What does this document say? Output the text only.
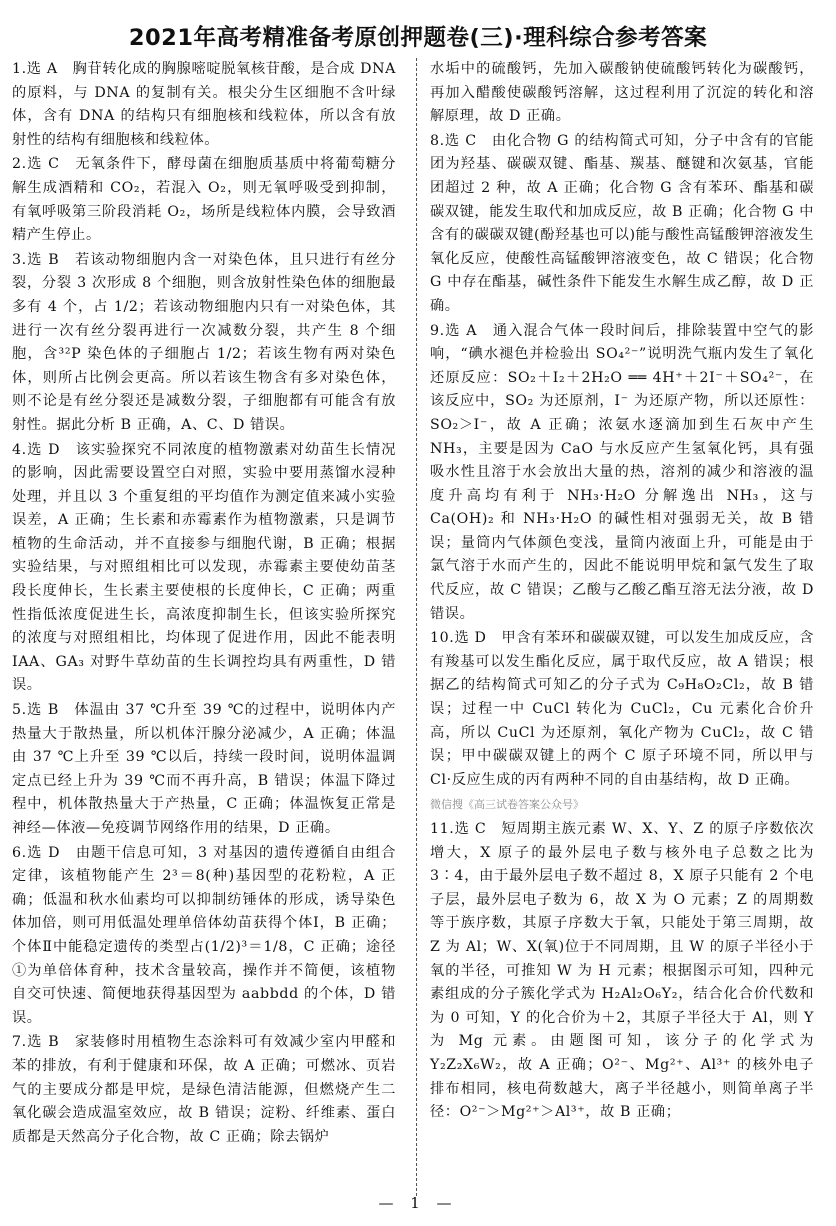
2021年高考精准备考原创押题卷(三)·理科综合参考答案

1.选 A　胸苷转化成的胸腺嘧啶脱氧核苷酸，是合成 DNA 的原料，与 DNA 的复制有关。根尖分生区细胞不含叶绿体，含有 DNA 的结构只有细胞核和线粒体，所以含有放射性的结构有细胞核和线粒体。

2.选 C　无氧条件下，酵母菌在细胞质基质中将葡萄糖分解生成酒精和 CO₂，若混入 O₂，则无氧呼吸受到抑制，有氧呼吸第三阶段消耗 O₂，场所是线粒体内膜，会导致酒精产生停止。

3.选 B　若该动物细胞内含一对染色体，且只进行有丝分裂，分裂 3 次形成 8 个细胞，则含放射性染色体的细胞最多有 4 个，占 1/2；若该动物细胞内只有一对染色体，其进行一次有丝分裂再进行一次减数分裂，共产生 8 个细胞，含³²P 染色体的子细胞占 1/2；若该生物有两对染色体，则所占比例会更高。所以若该生物含有多对染色体，则不论是有丝分裂还是减数分裂，子细胞都有可能含有放射性。据此分析 B 正确，A、C、D 错误。

4.选 D　该实验探究不同浓度的植物激素对幼苗生长情况的影响，因此需要设置空白对照，实验中要用蒸馏水浸种处理，并且以 3 个重复组的平均值作为测定值来减小实验误差，A 正确；生长素和赤霉素作为植物激素，只是调节植物的生命活动，并不直接参与细胞代谢，B 正确；根据实验结果，与对照组相比可以发现，赤霉素主要使幼苗茎段长度伸长，生长素主要使根的长度伸长，C 正确；两重性指低浓度促进生长，高浓度抑制生长，但该实验所探究的浓度与对照组相比，均体现了促进作用，因此不能表明 IAA、GA₃ 对野牛草幼苗的生长调控均具有两重性，D 错误。

5.选 B　体温由 37 ℃升至 39 ℃的过程中，说明体内产热量大于散热量，所以机体汗腺分泌减少，A 正确；体温由 37 ℃上升至 39 ℃以后，持续一段时间，说明体温调定点已经上升为 39 ℃而不再升高，B 错误；体温下降过程中，机体散热量大于产热量，C 正确；体温恢复正常是神经—体液—免疫调节网络作用的结果，D 正确。

6.选 D　由题干信息可知，3 对基因的遗传遵循自由组合定律，该植物能产生 2³＝8(种)基因型的花粉粒，A 正确；低温和秋水仙素均可以抑制纺锤体的形成，诱导染色体加倍，则可用低温处理单倍体幼苗获得个体Ⅰ，B 正确；个体Ⅱ中能稳定遗传的类型占(1/2)³＝1/8，C 正确；途径①为单倍体育种，技术含量较高，操作并不简便，该植物自交可快速、简便地获得基因型为 aabbdd 的个体，D 错误。

7.选 B　家装修时用植物生态涂料可有效减少室内甲醛和苯的排放，有利于健康和环保，故 A 正确；可燃冰、页岩气的主要成分都是甲烷，是绿色清洁能源，但燃烧产生二氧化碳会造成温室效应，故 B 错误；淀粉、纤维素、蛋白质都是天然高分子化合物，故 C 正确；除去锅炉

水垢中的硫酸钙，先加入碳酸钠使硫酸钙转化为碳酸钙，再加入醋酸使碳酸钙溶解，这过程利用了沉淀的转化和溶解原理，故 D 正确。

8.选 C　由化合物 G 的结构简式可知，分子中含有的官能团为羟基、碳碳双键、酯基、羰基、醚键和次氨基，官能团超过 2 种，故 A 正确；化合物 G 含有苯环、酯基和碳碳双键，能发生取代和加成反应，故 B 正确；化合物 G 中含有的碳碳双键(酚羟基也可以)能与酸性高锰酸钾溶液发生氧化反应，使酸性高锰酸钾溶液变色，故 C 错误；化合物 G 中存在酯基，碱性条件下能发生水解生成乙醇，故 D 正确。

9.选 A　通入混合气体一段时间后，排除装置中空气的影响，“碘水褪色并检验出 SO₄²⁻”说明洗气瓶内发生了氧化还原反应：SO₂＋I₂＋2H₂O ══ 4H⁺＋2I⁻＋SO₄²⁻，在该反应中，SO₂ 为还原剂，I⁻ 为还原产物，所以还原性：SO₂＞I⁻，故 A 正确；浓氨水逐滴加到生石灰中产生 NH₃，主要是因为 CaO 与水反应产生氢氧化钙，具有强吸水性且溶于水会放出大量的热，溶剂的减少和溶液的温度升高均有利于 NH₃·H₂O 分解逸出 NH₃，这与 Ca(OH)₂ 和 NH₃·H₂O 的碱性相对强弱无关，故 B 错误；量筒内气体颜色变浅，量筒内液面上升，可能是由于氯气溶于水而产生的，因此不能说明甲烷和氯气发生了取代反应，故 C 错误；乙酸与乙酸乙酯互溶无法分液，故 D 错误。

10.选 D　甲含有苯环和碳碳双键，可以发生加成反应，含有羧基可以发生酯化反应，属于取代反应，故 A 错误；根据乙的结构简式可知乙的分子式为 C₉H₈O₂Cl₂，故 B 错误；过程一中 CuCl 转化为 CuCl₂，Cu 元素化合价升高，所以 CuCl 为还原剂，氧化产物为 CuCl₂，故 C 错误；甲中碳碳双键上的两个 C 原子环境不同，所以甲与 Cl·反应生成的丙有两种不同的自由基结构，故 D 正确。

微信搜《高三试卷答案公众号》

11.选 C　短周期主族元素 W、X、Y、Z 的原子序数依次增大，X 原子的最外层电子数与核外电子总数之比为 3∶4，由于最外层电子数不超过 8，X 原子只能有 2 个电子层，最外层电子数为 6，故 X 为 O 元素；Z 的周期数等于族序数，其原子序数大于氧，只能处于第三周期，故 Z 为 Al；W、X(氧)位于不同周期，且 W 的原子半径小于氧的半径，可推知 W 为 H 元素；根据图示可知，四种元素组成的分子簇化学式为 H₂Al₂O₆Y₂，结合化合价代数和为 0 可知，Y 的化合价为＋2，其原子半径大于 Al，则 Y 为 Mg 元素。由题图可知，该分子的化学式为 Y₂Z₂X₆W₂，故 A 正确；O²⁻、Mg²⁺、Al³⁺ 的核外电子排布相同，核电荷数越大，离子半径越小，则简单离子半径：O²⁻＞Mg²⁺＞Al³⁺，故 B 正确；

— 1 —
